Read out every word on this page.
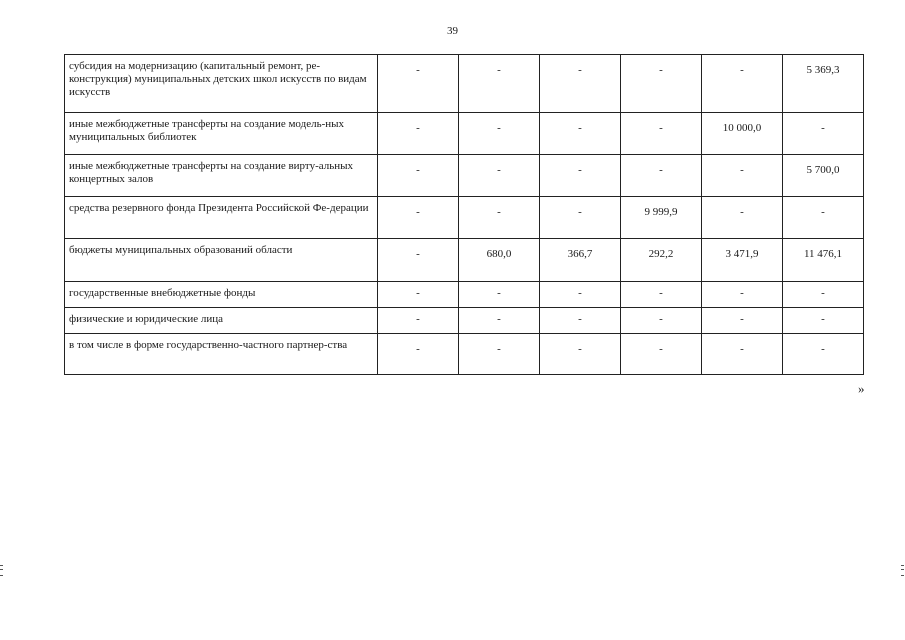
39
субсидия на модернизацию (капитальный ремонт, ре-конструкция) муниципальных детских школ искусств по видам искусств	-	-	-	-	-	5 369,3
иные межбюджетные трансферты на создание модель-ных муниципальных библиотек	-	-	-	-	10 000,0	-
иные межбюджетные трансферты на создание вирту-альных концертных залов	-	-	-	-	-	5 700,0
средства резервного фонда Президента Российской Фе-дерации	-	-	-	9 999,9	-	-
бюджеты муниципальных образований области	-	680,0	366,7	292,2	3 471,9	11 476,1
государственные внебюджетные фонды	-	-	-	-	-	-
физические и юридические лица	-	-	-	-	-	-
в том числе в форме государственно-частного партнер-ства	-	-	-	-	-	-
»
